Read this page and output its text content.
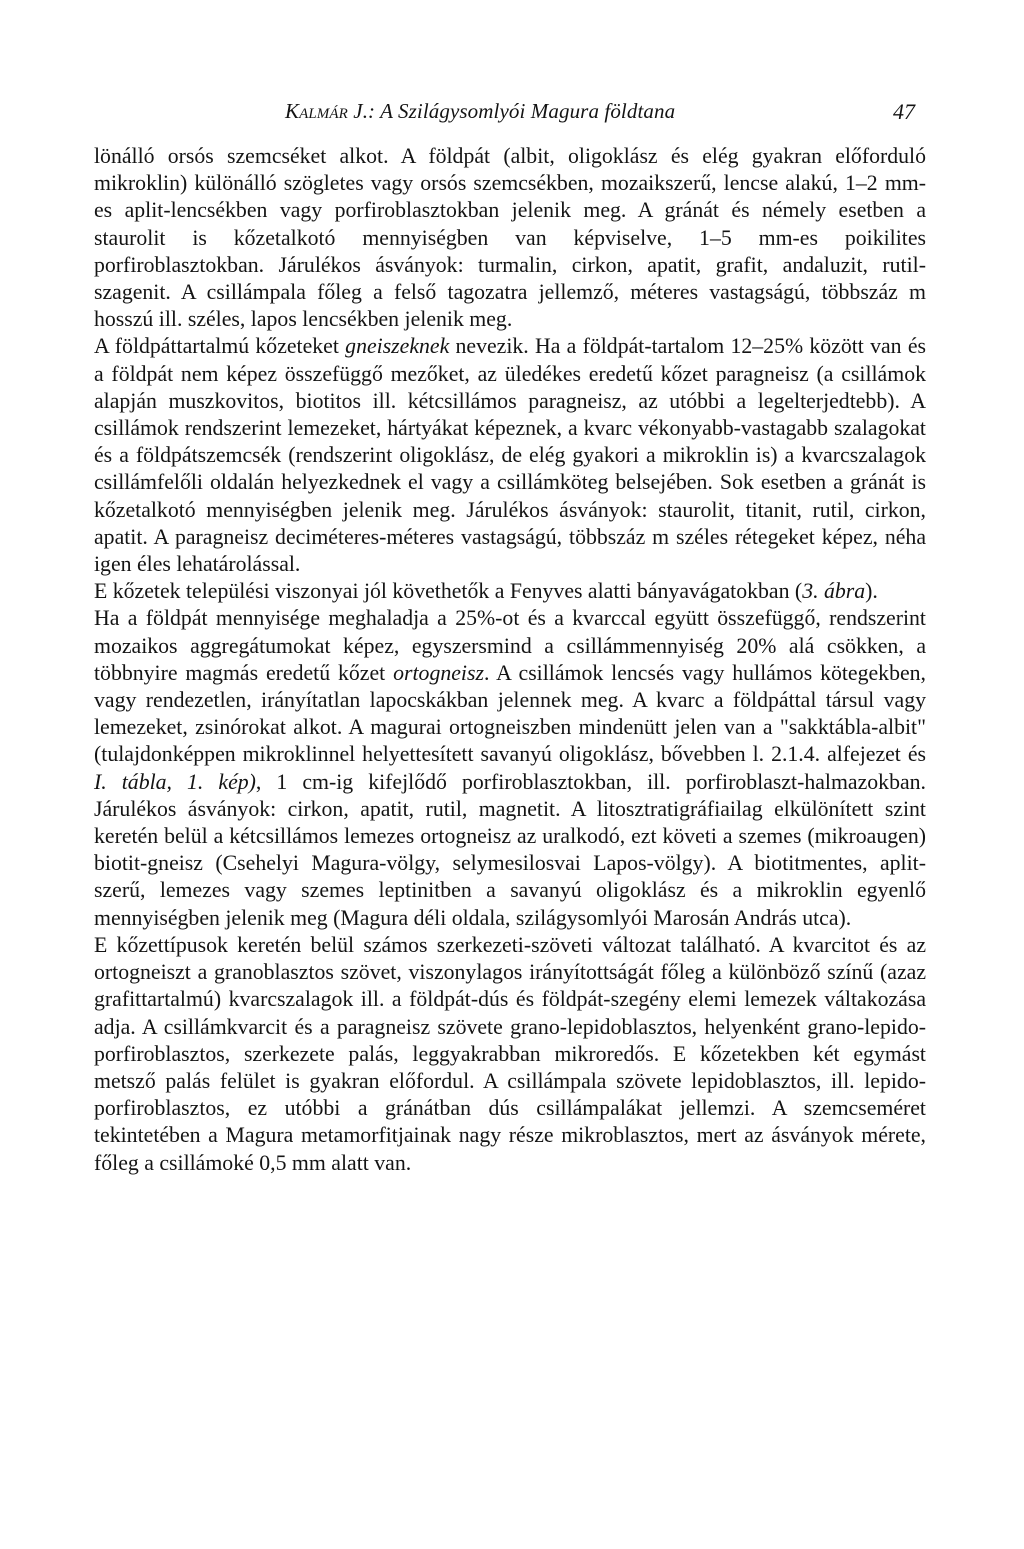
Kalmár J.: A Szilágysomlyói Magura földtana	47

lönálló orsós szemcséket alkot. A földpát (albit, oligoklász és elég gyakran előforduló mikroklin) különálló szögletes vagy orsós szemcsékben, mozaikszerű, lencse alakú, 1–2 mm-es aplit-lencsékben vagy porfiroblasztokban jelenik meg. A gránát és némely esetben a staurolit is kőzetalkotó mennyiségben van képviselve, 1–5 mm-es poikilites porfiroblasztokban. Járulékos ásványok: turmalin, cirkon, apatit, grafit, andaluzit, rutil-szagenit. A csillámpala főleg a felső tagozatra jellemző, méteres vastagságú, többszáz m hosszú ill. széles, lapos lencsékben jelenik meg.

A földpáttartalmú kőzeteket gneiszeknek nevezik. Ha a földpát-tartalom 12–25% között van és a földpát nem képez összefüggő mezőket, az üledékes eredetű kőzet paragneisz (a csillámok alapján muszkovitos, biotitos ill. kétcsillámos paragneisz, az utóbbi a legelterjedtebb). A csillámok rendszerint lemezeket, hártyákat képeznek, a kvarc vékonyabb-vastagabb szalagokat és a földpátszemcsék (rendszerint oligoklász, de elég gyakori a mikroklin is) a kvarcszalagok csillámfelőli oldalán helyezkednek el vagy a csillámköteg belsejében. Sok esetben a gránát is kőzetalkotó mennyiségben jelenik meg. Járulékos ásványok: staurolit, titanit, rutil, cirkon, apatit. A paragneisz deciméteres-méteres vastagságú, többszáz m széles rétegeket képez, néha igen éles lehatárolással.

E kőzetek települési viszonyai jól követhetők a Fenyves alatti bányavágatokban (3. ábra).

Ha a földpát mennyisége meghaladja a 25%-ot és a kvarccal együtt összefüggő, rendszerint mozaikos aggregátumokat képez, egyszersmind a csillámmennyiség 20% alá csökken, a többnyire magmás eredetű kőzet ortogneisz. A csillámok lencsés vagy hullámos kötegekben, vagy rendezetlen, irányítatlan lapocskákban jelennek meg. A kvarc a földpáttal társul vagy lemezeket, zsinórokat alkot. A magurai ortogneiszben mindenütt jelen van a "sakktábla-albit" (tulajdonképpen mikroklinnel helyettesített savanyú oligoklász, bővebben l. 2.1.4. alfejezet és I. tábla, 1. kép), 1 cm-ig kifejlődő porfiroblasztokban, ill. porfiroblaszt-halmazokban. Járulékos ásványok: cirkon, apatit, rutil, magnetit. A litosztratigráfiailag elkülönített szint keretén belül a kétcsillámos lemezes ortogneisz az uralkodó, ezt követi a szemes (mikroaugen) biotit-gneisz (Csehelyi Magura-völgy, selymesilosvai Lapos-völgy). A biotitmentes, aplit-szerű, lemezes vagy szemes leptinitben a savanyú oligoklász és a mikroklin egyenlő mennyiségben jelenik meg (Magura déli oldala, szilágysomlyói Marosán András utca).

E kőzettípusok keretén belül számos szerkezeti-szöveti változat található. A kvarcitot és az ortogneiszt a granoblasztos szövet, viszonylagos irányítottságát főleg a különböző színű (azaz grafittartalmú) kvarcszalagok ill. a földpát-dús és földpát-szegény elemi lemezek váltakozása adja. A csillámkvarcit és a paragneisz szövete grano-lepidoblasztos, helyenként grano-lepido-porfiroblasztos, szerkezete palás, leggyakrabban mikroredős. E kőzetekben két egymást metsző palás felület is gyakran előfordul. A csillámpala szövete lepidoblasztos, ill. lepido-porfiroblasztos, ez utóbbi a gránátban dús csillámpalákat jellemzi. A szemcseméret tekintetében a Magura metamorfitjainak nagy része mikroblasztos, mert az ásványok mérete, főleg a csillámoké 0,5 mm alatt van.
